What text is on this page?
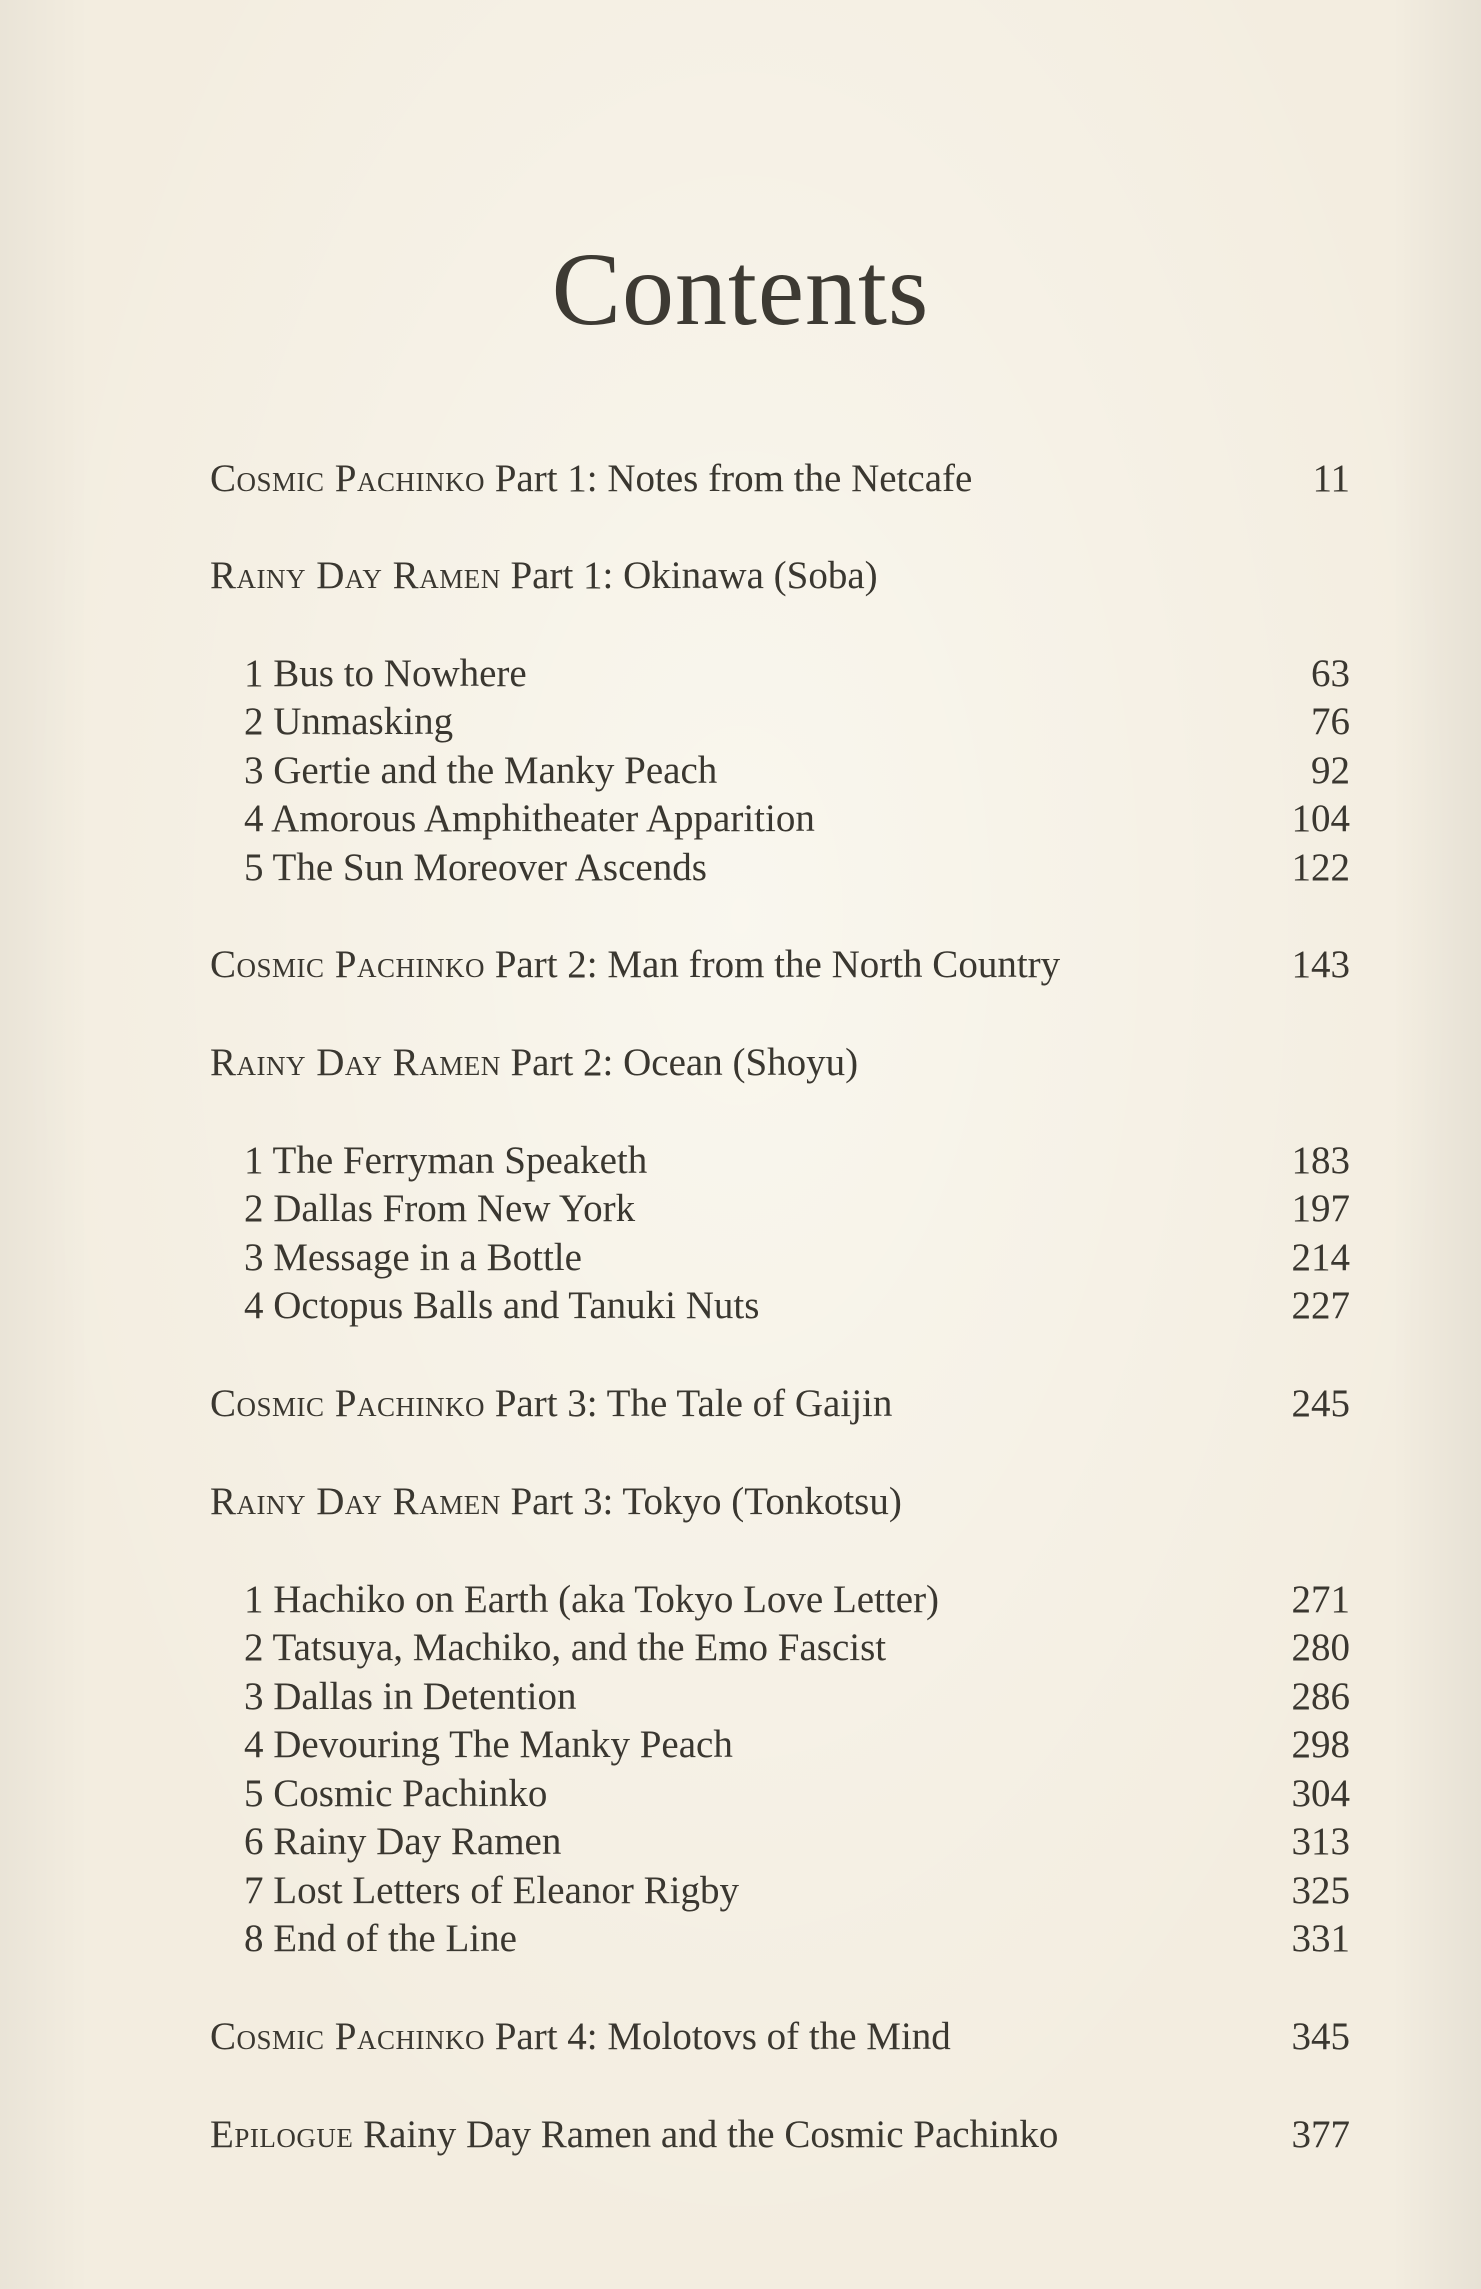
Contents
Cosmic Pachinko Part 1: Notes from the Netcafe	11
Rainy Day Ramen Part 1: Okinawa (Soba)
1 Bus to Nowhere	63
2 Unmasking	76
3 Gertie and the Manky Peach	92
4 Amorous Amphitheater Apparition	104
5 The Sun Moreover Ascends	122
Cosmic Pachinko Part 2: Man from the North Country	143
Rainy Day Ramen Part 2: Ocean (Shoyu)
1 The Ferryman Speaketh	183
2 Dallas From New York	197
3 Message in a Bottle	214
4 Octopus Balls and Tanuki Nuts	227
Cosmic Pachinko Part 3: The Tale of Gaijin	245
Rainy Day Ramen Part 3: Tokyo (Tonkotsu)
1 Hachiko on Earth (aka Tokyo Love Letter)	271
2 Tatsuya, Machiko, and the Emo Fascist	280
3 Dallas in Detention	286
4 Devouring The Manky Peach	298
5 Cosmic Pachinko	304
6 Rainy Day Ramen	313
7 Lost Letters of Eleanor Rigby	325
8 End of the Line	331
Cosmic Pachinko Part 4: Molotovs of the Mind	345
Epilogue Rainy Day Ramen and the Cosmic Pachinko	377
